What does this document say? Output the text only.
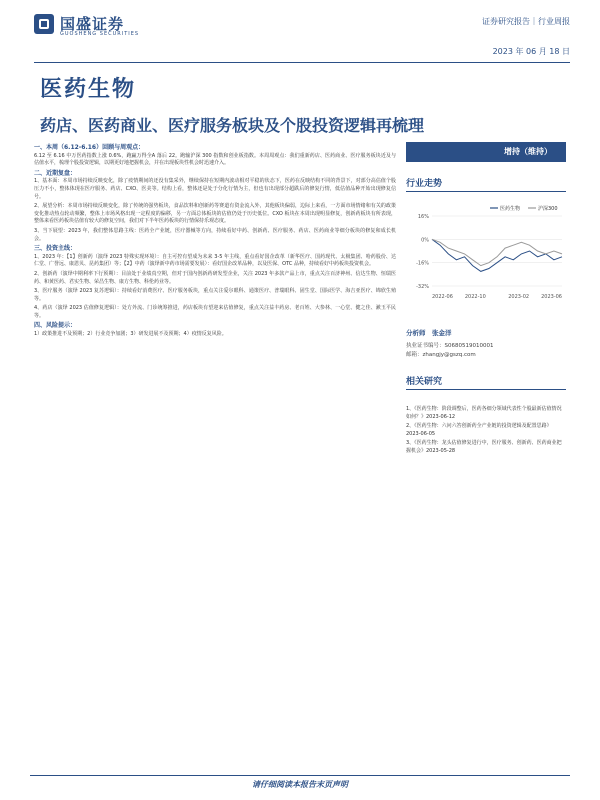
国盛证券
GUOSHENG SECURITIES
证券研究报告｜行业周报
2023 年 06 月 18 日
医药生物
药店、医药商业、医疗服务板块及个股投资逻辑再梳理

一、本周（6.12-6.16）回顾与周观点：

6.12 至 6.16 中万医药指数上涨 0.6%，跑赢万得全A 落后 22。跑输沪深 300 指数和创业板指数。本周周观点：我们重新药店、医药商业、医疗服务板块近及与估值水平，梳理个股投资逻辑，以期更好地把握机会，并在出现板块性机会时迅速介入。

二、近期复盘：

1、基本面：本周市场持续反映变化，除了疫情期间的还没有集采外，继续保持在短期内波动相对平稳的状态下，医药在反映结构不同的背景下，对部分高估值个股压力不小，整体体现在医疗服务、药店、CXO、医美等。结构上看，整体还是处于分化行情为主，但也有出现部分超跌后的修复行情，低估值品种开始出现修复信号。

2、展望分析：本周市场持续反映变化，除了传统的强势板块，食品饮料和创新药等赛道有资金流入外，其他板块偏弱，边际上来看，一方面市场情绪和有关的政策变化推动热点轮动频繁，整体上市场风格出现一定程度的偏移，另一方面总体板块的估值仍处于历史低位。CXO 板块在本周出现明显修复，创新药板块有所表现，整体来看医药板块估值有较大的修复空间，我们对下半年医药板块的行情保持乐观态度。

3、当下展望：2023 年，我们整体思路主线：医药全产业链，医疗器械等方向，持续看好中药、创新药、医疗服务、药店、医药商业等细分板块的修复和成长机会。

三、投资主线：

1、2023 年：【1】创新药（演绎 2023 特殊实现环境）：自主可控有望成为未来 3-5 年主线，重点看好国企改革（新华医疗、国药现代、太极集团、哈药股份、达仁堂、广誉远、康恩贝、昆药集团）等；【2】中药（演绎新中药市场需要发展）：看好国企改革品种，以及医保、OTC 品种，持续看好中药板块投资机会。

2、创新药（演绎中期利率下行预期）：目前处于业绩真空期，但对于国内创新药研发型企业，关注 2023 年多款产品上市，重点关注百济神州、信达生物、恒瑞医药、和黄医药、君实生物、荣昌生物、康方生物、科伦药业等。

3、医疗服务（演绎 2023 复苏逻辑）：持续看好消费医疗、医疗服务板块，重点关注爱尔眼科、通策医疗、普瑞眼科、固生堂、国际医学、海吉亚医疗、锦欣生殖等。

4、药店（演绎 2023 估值修复逻辑）：处方外流、门诊统筹推进，药店板块有望迎来估值修复，重点关注益丰药房、老百姓、大参林、一心堂、健之佳、漱玉平民等。

四、风险提示：

1）政策推进不及预期；2）行业竞争加剧；3）研发进展不及预期；4）疫情反复风险。

增持（维持）
行业走势
-32%
-16%
0%
16%
2022-06 2022-10	2023-02 2023-06
医药生物	沪深300
分析师　张金洋
执业证书编号：S0680519010001
邮箱：zhangjy@gszq.com
相关研究

1、《医药生物：阶段调整后，医药各细分领域代表性个股最新估值情况如何？》2023-06-12

2、《医药生物：六问六答创新药全产业链的投资逻辑及配置思路》2023-06-05

3、《医药生物：龙头估值修复进行中，医疗服务、创新药、医药商业把握机会》2023-05-28

请仔细阅读本报告末页声明
